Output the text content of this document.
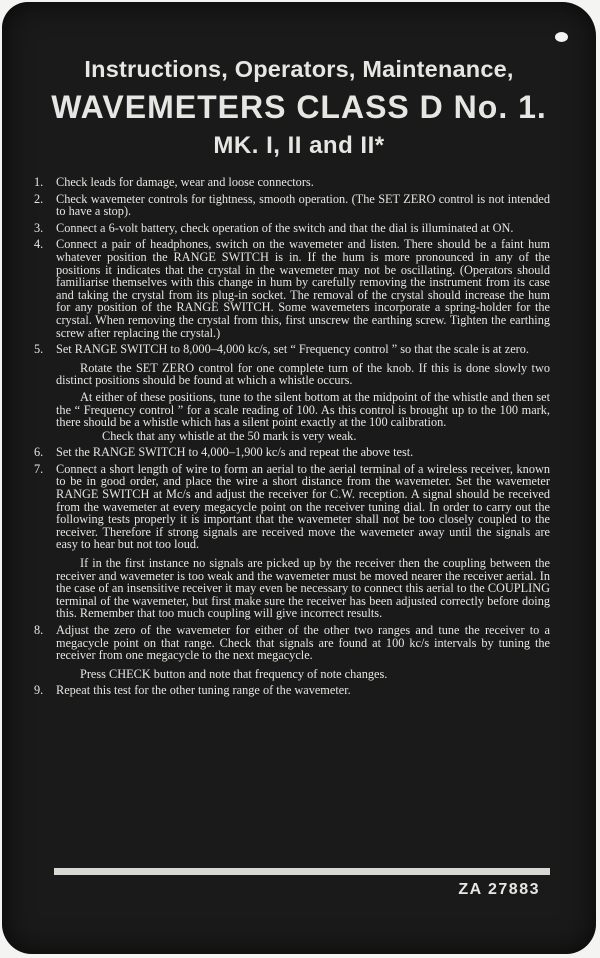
Instructions, Operators, Maintenance,
WAVEMETERS CLASS D No. 1.
MK. I, II and II*
1. Check leads for damage, wear and loose connectors.
2. Check wavemeter controls for tightness, smooth operation. (The SET ZERO control is not intended to have a stop).
3. Connect a 6-volt battery, check operation of the switch and that the dial is illuminated at ON.
4. Connect a pair of headphones, switch on the wavemeter and listen. There should be a faint hum whatever position the RANGE SWITCH is in. If the hum is more pronounced in any of the positions it indicates that the crystal in the wavemeter may not be oscillating. (Operators should familiarise themselves with this change in hum by carefully removing the instrument from its case and taking the crystal from its plug-in socket. The removal of the crystal should increase the hum for any position of the RANGE SWITCH. Some wavemeters incorporate a spring-holder for the crystal. When removing the crystal from this, first unscrew the earthing screw. Tighten the earthing screw after replacing the crystal.)
5. Set RANGE SWITCH to 8,000–4,000 kc/s, set “ Frequency control ” so that the scale is at zero.
Rotate the SET ZERO control for one complete turn of the knob. If this is done slowly two distinct positions should be found at which a whistle occurs.
At either of these positions, tune to the silent bottom at the midpoint of the whistle and then set the “ Frequency control ” for a scale reading of 100. As this control is brought up to the 100 mark, there should be a whistle which has a silent point exactly at the 100 calibration.
Check that any whistle at the 50 mark is very weak.
6. Set the RANGE SWITCH to 4,000–1,900 kc/s and repeat the above test.
7. Connect a short length of wire to form an aerial to the aerial terminal of a wireless receiver, known to be in good order, and place the wire a short distance from the wavemeter. Set the wavemeter RANGE SWITCH at Mc/s and adjust the receiver for C.W. reception. A signal should be received from the wavemeter at every megacycle point on the receiver tuning dial. In order to carry out the following tests properly it is important that the wavemeter shall not be too closely coupled to the receiver. Therefore if strong signals are received move the wavemeter away until the signals are easy to hear but not too loud.
If in the first instance no signals are picked up by the receiver then the coupling between the receiver and wavemeter is too weak and the wavemeter must be moved nearer the receiver aerial. In the case of an insensitive receiver it may even be necessary to connect this aerial to the COUPLING terminal of the wavemeter, but first make sure the receiver has been adjusted correctly before doing this. Remember that too much coupling will give incorrect results.
8. Adjust the zero of the wavemeter for either of the other two ranges and tune the receiver to a megacycle point on that range. Check that signals are found at 100 kc/s intervals by tuning the receiver from one megacycle to the next megacycle.
Press CHECK button and note that frequency of note changes.
9. Repeat this test for the other tuning range of the wavemeter.
ZA 27883
